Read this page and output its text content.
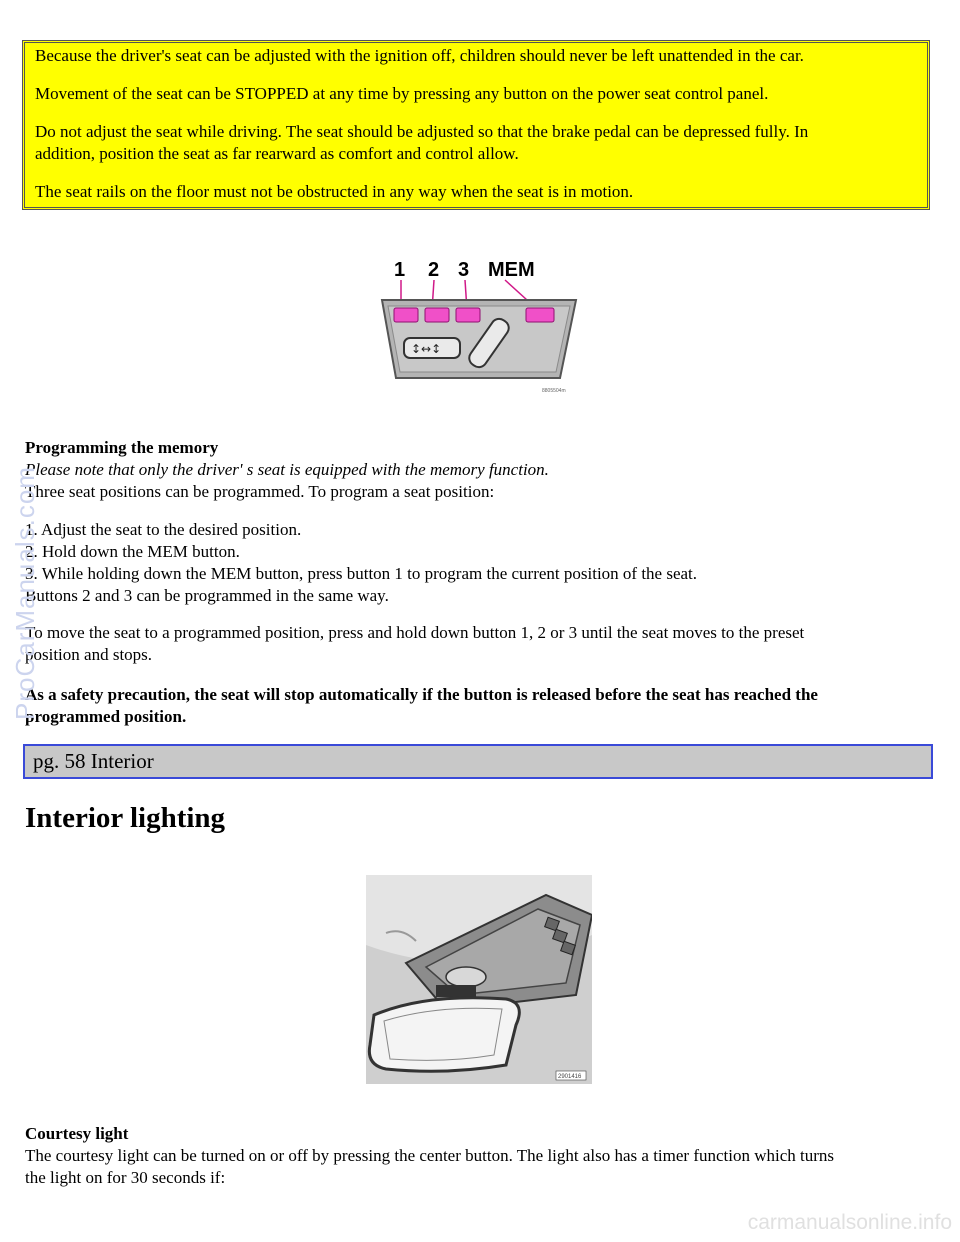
Because the driver's seat can be adjusted with the ignition off, children should never be left unattended in the car.

Movement of the seat can be STOPPED at any time by pressing any button on the power seat control panel.

Do not adjust the seat while driving. The seat should be adjusted so that the brake pedal can be depressed fully. In
addition, position the seat as far rearward as comfort and control allow.

The seat rails on the floor must not be obstructed in any way when the seat is in motion.

1 2 3 MEM
↕↔↕
8805504m

Programming the memory

Please note that only the driver' s seat is equipped with the memory function.

Three seat positions can be programmed. To program a seat position:

1. Adjust the seat to the desired position.

2. Hold down the MEM button.

3. While holding down the MEM button, press button 1 to program the current position of the seat.

Buttons 2 and 3 can be programmed in the same way.

To move the seat to a programmed position, press and hold down button 1, 2 or 3 until the seat moves to the preset

position and stops.

As a safety precaution, the seat will stop automatically if the button is released before the seat has reached the

programmed position.

pg. 58 Interior
Interior lighting
2901416

Courtesy light

The courtesy light can be turned on or off by pressing the center button. The light also has a timer function which turns

the light on for 30 seconds if:

ProCarManuals.com
carmanualsonline.info
